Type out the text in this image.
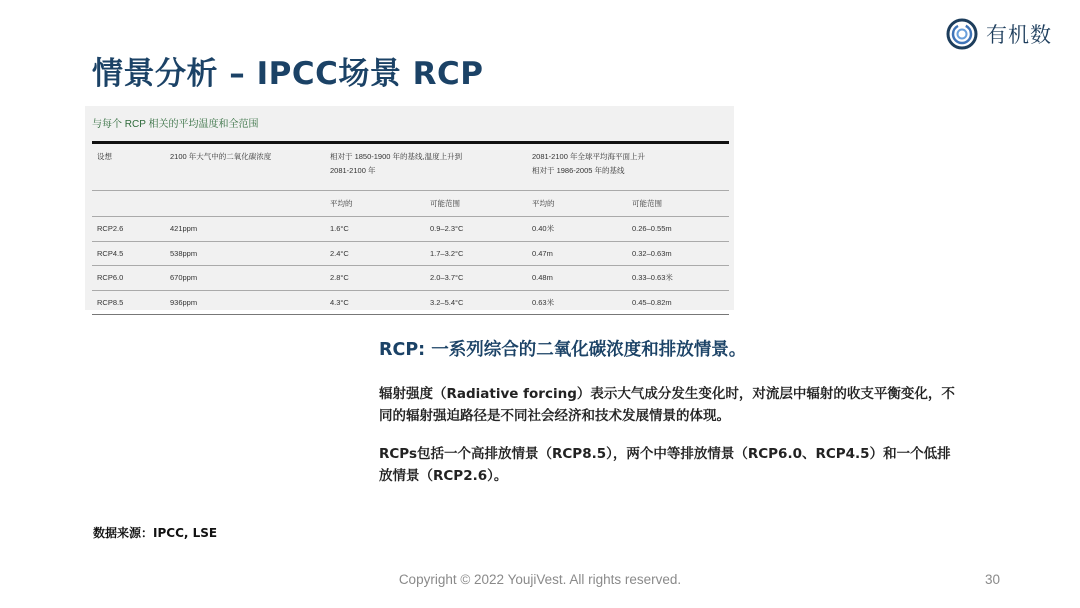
有机数
情景分析 – IPCC场景 RCP
与每个 RCP 相关的平均温度和全范围
设想	2100 年大气中的二氧化碳浓度	相对于 1850-1900 年的基线,温度上升到
2081-2100 年		2081-2100 年全球平均海平面上升
相对于 1986-2005 年的基线	
		平均的	可能范围	平均的	可能范围
RCP2.6	421ppm	1.6°C	0.9–2.3°C	0.40米	0.26–0.55m
RCP4.5	538ppm	2.4°C	1.7–3.2°C	0.47m	0.32–0.63m
RCP6.0	670ppm	2.8°C	2.0–3.7°C	0.48m	0.33–0.63米
RCP8.5	936ppm	4.3°C	3.2–5.4°C	0.63米	0.45–0.82m

RCP: 一系列综合的二氧化碳浓度和排放情景。

辐射强度（Radiative forcing）表示大气成分发生变化时，对流层中辐射的收支平衡变化，不同的辐射强迫路径是不同社会经济和技术发展情景的体现。

RCPs包括一个高排放情景（RCP8.5），两个中等排放情景（RCP6.0、RCP4.5）和一个低排放情景（RCP2.6）。

数据来源：IPCC, LSE
Copyright © 2022 YoujiVest. All rights reserved.	30
